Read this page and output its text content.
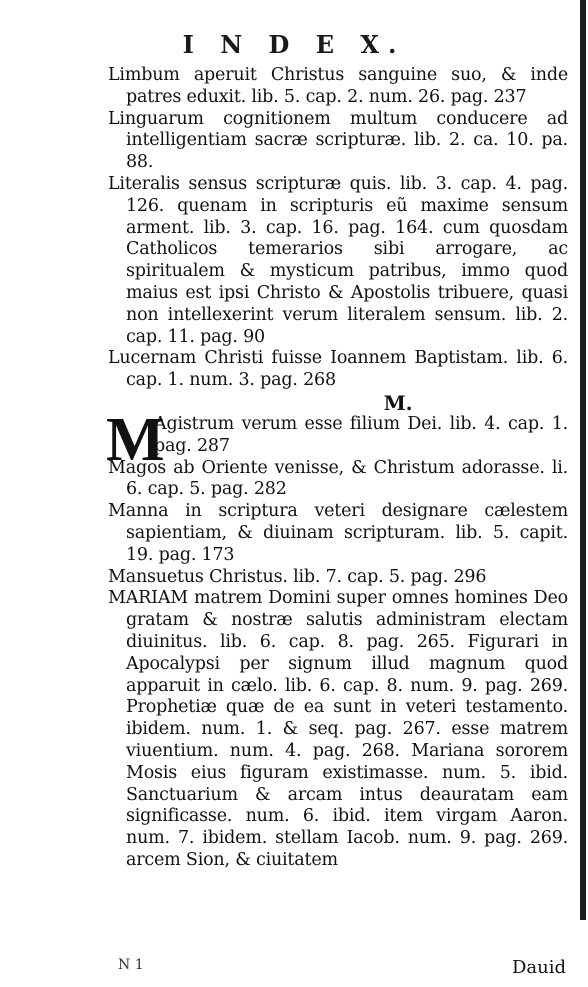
I N D E X.

Limbum aperuit Christus sanguine suo, & inde patres eduxit. lib. 5. cap. 2. num. 26. pag. 237

Linguarum cognitionem multum conducere ad intelligentiam sacræ scripturæ. lib. 2. ca. 10. pa. 88.

Literalis sensus scripturæ quis. lib. 3. cap. 4. pag. 126. quenam in scripturis eũ maxime sensum arment. lib. 3. cap. 16. pag. 164. cum quosdam Catholicos temerarios sibi arrogare, ac spiritualem & mysticum patribus, immo quod maius est ipsi Christo & Apostolis tribuere, quasi non intellexerint verum literalem sensum. lib. 2. cap. 11. pag. 90

Lucernam Christi fuisse Ioannem Baptistam. lib. 6. cap. 1. num. 3. pag. 268

M.

M
Agistrum verum esse filium Dei. lib. 4. cap. 1. pag. 287

Magos ab Oriente venisse, & Christum adorasse. li. 6. cap. 5. pag. 282

Manna in scriptura veteri designare cælestem sapientiam, & diuinam scripturam. lib. 5. capit. 19. pag. 173

Mansuetus Christus. lib. 7. cap. 5. pag. 296

MARIAM matrem Domini super omnes homines Deo gratam & nostræ salutis administram electam diuinitus. lib. 6. cap. 8. pag. 265. Figurari in Apocalypsi per signum illud magnum quod apparuit in cælo. lib. 6. cap. 8. num. 9. pag. 269. Prophetiæ quæ de ea sunt in veteri testamento. ibidem. num. 1. & seq. pag. 267. esse matrem viuentium. num. 4. pag. 268. Mariana sororem Mosis eius figuram existimasse. num. 5. ibid. Sanctuarium & arcam intus deauratam eam significasse. num. 6. ibid. item virgam Aaron. num. 7. ibidem. stellam Iacob. num. 9. pag. 269. arcem Sion, & ciuitatem

N 1	Dauid
